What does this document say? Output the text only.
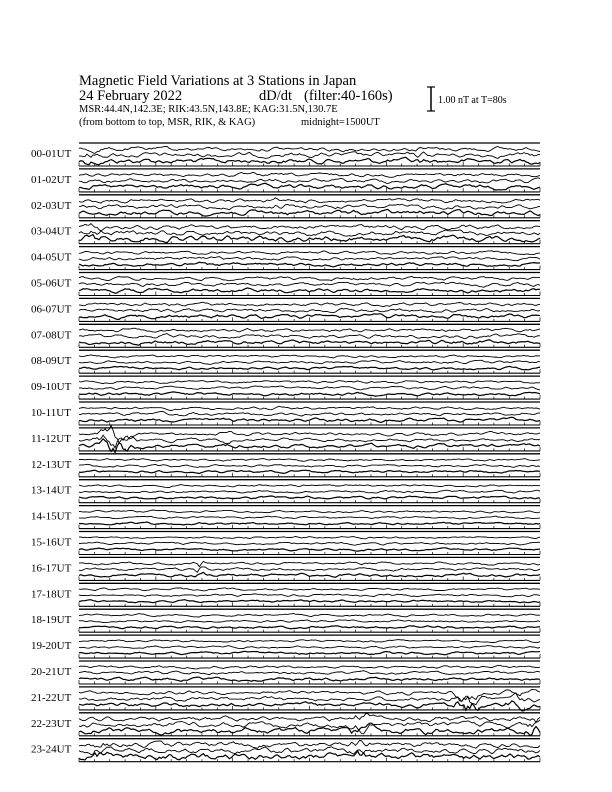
Magnetic Field Variations at 3 Stations in Japan
24 February 2022	dD/dt (filter:40-160s)
MSR:44.4N,142.3E; RIK:43.5N,143.8E; KAG:31.5N,130.7E
(from bottom to top, MSR, RIK, & KAG)	midnight=1500UT
1.00 nT at T=80s
00-01UT
01-02UT
02-03UT
03-04UT
04-05UT
05-06UT
06-07UT
07-08UT
08-09UT
09-10UT
10-11UT
11-12UT
12-13UT
13-14UT
14-15UT
15-16UT
16-17UT
17-18UT
18-19UT
19-20UT
20-21UT
21-22UT
22-23UT
23-24UT
